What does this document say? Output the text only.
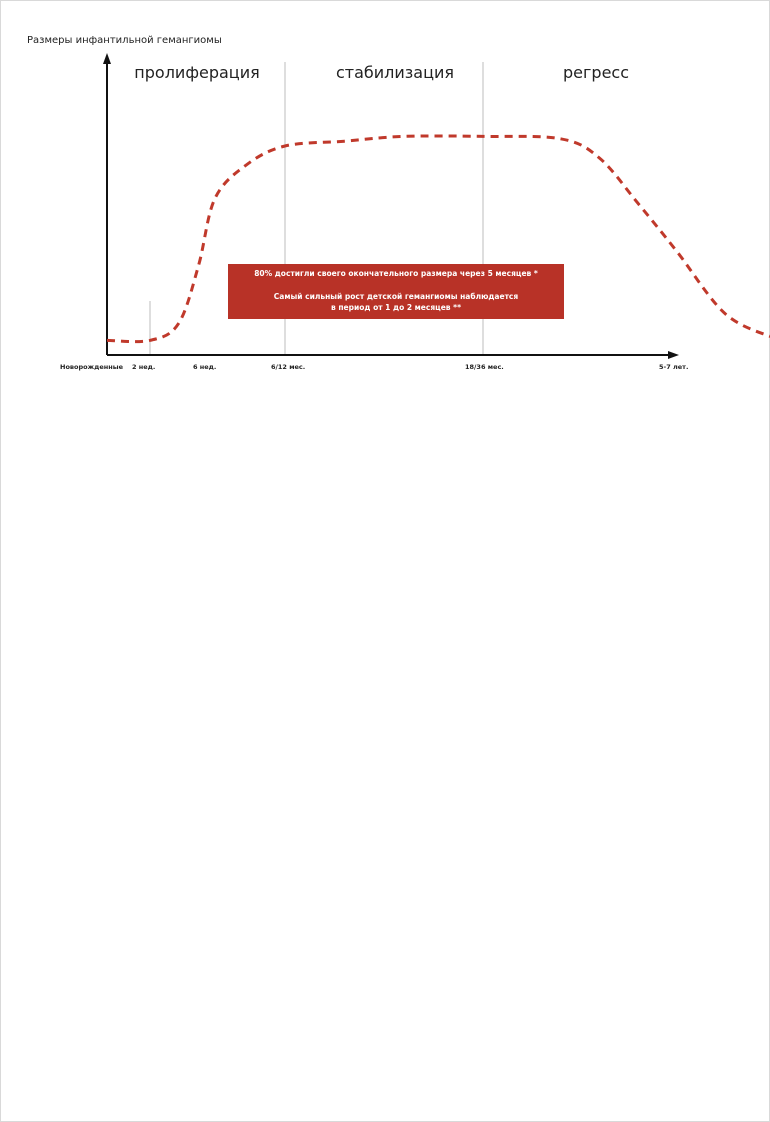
Размеры инфантильной гемангиомы
пролиферация	стабилизация	регресс
80% достигли своего окончательного размера через 5 месяцев *
Самый сильный рост детской гемангиомы наблюдается
в период от 1 до 2 месяцев **
Новорожденные 2 нед.	6 нед.	6/12 мес.	18/36 мес.	5-7 лет.
